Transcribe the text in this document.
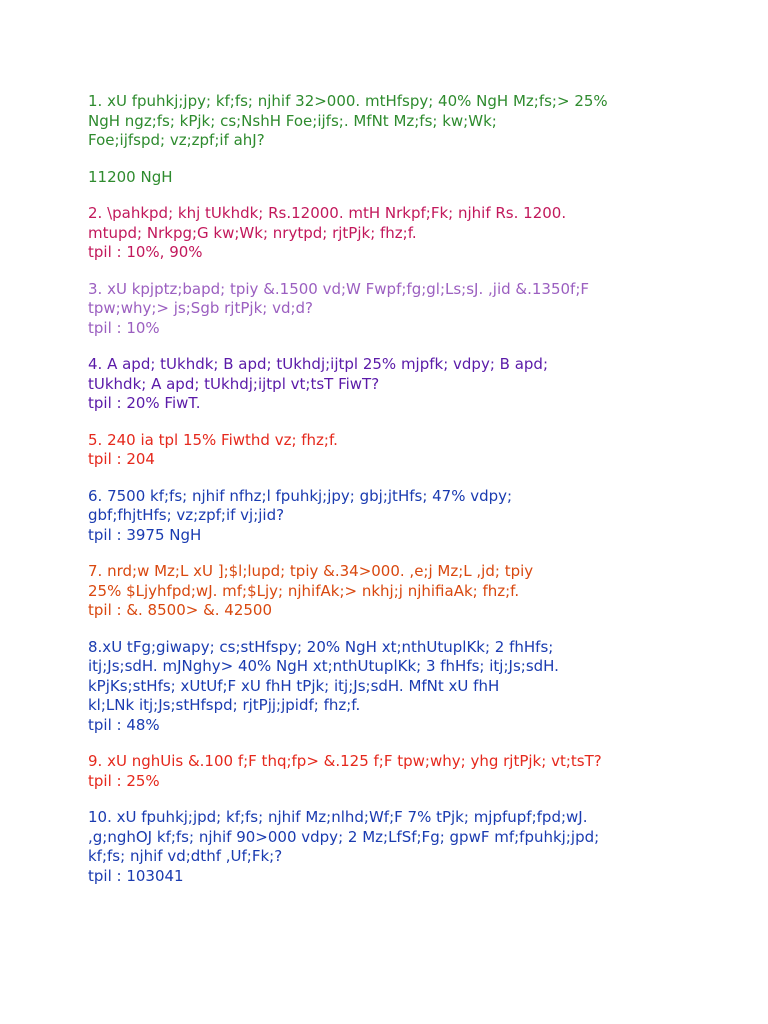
1. xU fpuhkj;jpy; kf;fs; njhif 32>000. mtHfspy; 40% NgH Mz;fs;> 25%
NgH ngz;fs; kPjk; cs;NshH Foe;ijfs;. MfNt Mz;fs; kw;Wk;
Foe;ijfspd; vz;zpf;if ahJ?
11200 NgH
2. \pahkpd; khj tUkhdk; Rs.12000. mtH Nrkpf;Fk; njhif Rs. 1200.
mtupd; Nrkpg;G kw;Wk; nrytpd; rjtPjk; fhz;f.
tpil : 10%, 90%
3. xU kpjptz;bapd; tpiy &.1500 vd;W Fwpf;fg;gl;Ls;sJ. ,jid &.1350f;F
tpw;why;> js;Sgb rjtPjk; vd;d?
tpil : 10%
4. A apd; tUkhdk; B apd; tUkhdj;ijtpl 25% mjpfk; vdpy; B apd;
tUkhdk; A apd; tUkhdj;ijtpl vt;tsT FiwT?
tpil : 20% FiwT.
5. 240 ia tpl 15% Fiwthd vz; fhz;f.
tpil : 204
6. 7500 kf;fs; njhif nfhz;l fpuhkj;jpy; gbj;jtHfs; 47% vdpy;
gbf;fhjtHfs; vz;zpf;if vj;jid?
tpil : 3975 NgH
7. nrd;w Mz;L xU ];$l;lupd; tpiy &.34>000. ,e;j Mz;L ,jd; tpiy
25% $Ljyhfpd;wJ. mf;$Ljy; njhifAk;> nkhj;j njhifiaAk; fhz;f.
tpil : &. 8500> &. 42500
8.xU tFg;giwapy; cs;stHfspy; 20% NgH xt;nthUtuplKk; 2 fhHfs;
itj;Js;sdH. mJNghy> 40% NgH xt;nthUtuplKk; 3 fhHfs; itj;Js;sdH.
kPjKs;stHfs; xUtUf;F xU fhH tPjk; itj;Js;sdH. MfNt xU fhH
kl;LNk itj;Js;stHfspd; rjtPjj;jpidf; fhz;f.
tpil : 48%
9. xU nghUis &.100 f;F thq;fp> &.125 f;F tpw;why; yhg rjtPjk; vt;tsT?
tpil : 25%
10. xU fpuhkj;jpd; kf;fs; njhif Mz;nlhd;Wf;F 7% tPjk; mjpfupf;fpd;wJ.
,g;nghOJ kf;fs; njhif 90>000 vdpy; 2 Mz;LfSf;Fg; gpwF mf;fpuhkj;jpd;
kf;fs; njhif vd;dthf ,Uf;Fk;?
tpil : 103041
